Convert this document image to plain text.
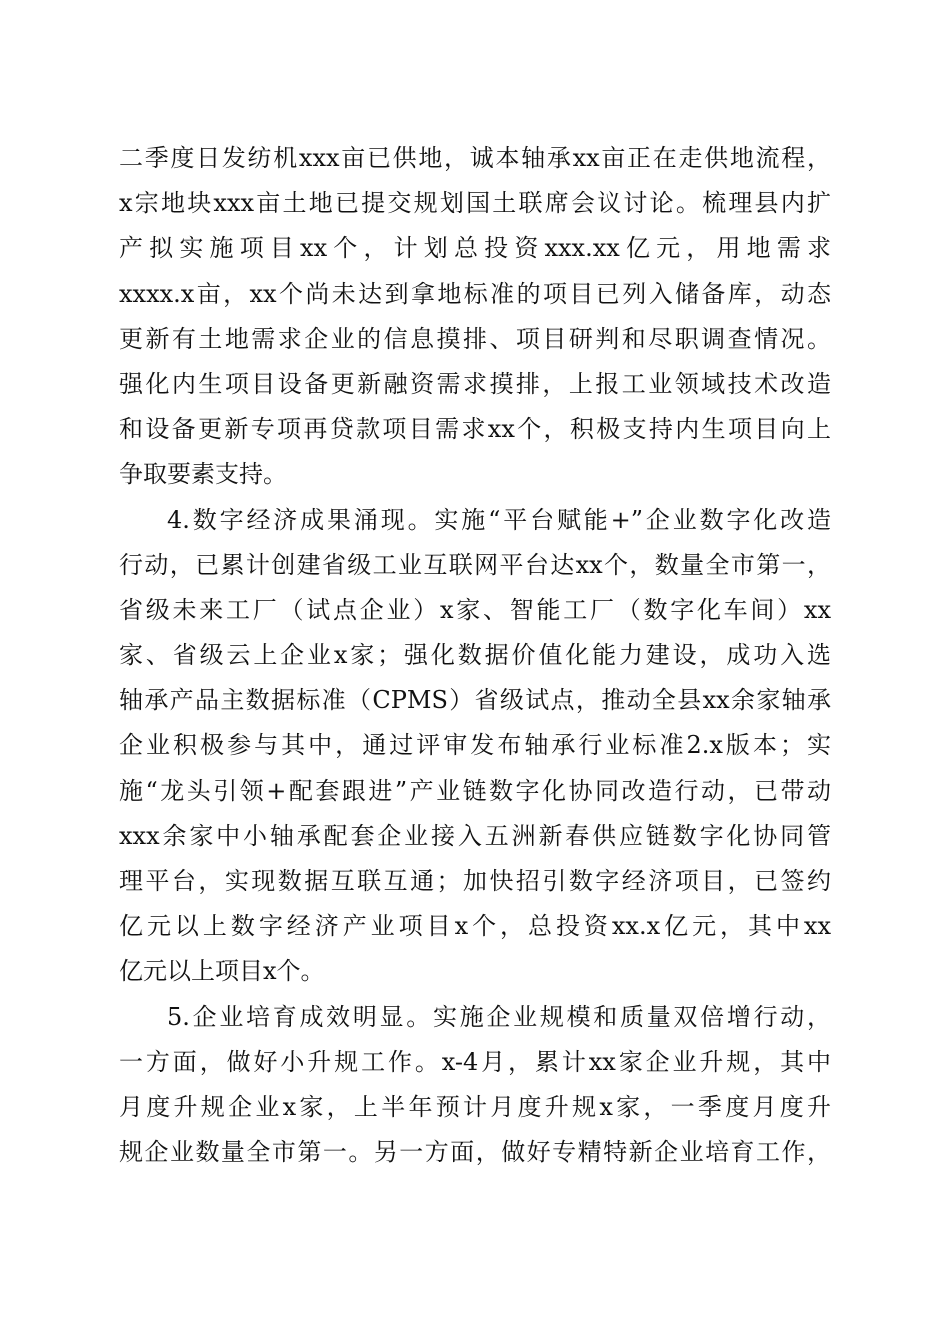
二季度日发纺机xxx亩已供地，诚本轴承xx亩正在走供地流程，
x宗地块xxx亩土地已提交规划国土联席会议讨论。梳理县内扩
产拟实施项目xx个，计划总投资xxx.xx亿元，用地需求
xxxx.x亩，xx个尚未达到拿地标准的项目已列入储备库，动态
更新有土地需求企业的信息摸排、项目研判和尽职调查情况。
强化内生项目设备更新融资需求摸排，上报工业领域技术改造
和设备更新专项再贷款项目需求xx个，积极支持内生项目向上
争取要素支持。
4.数字经济成果涌现。实施“平台赋能+”企业数字化改造
行动，已累计创建省级工业互联网平台达xx个，数量全市第一，
省级未来工厂（试点企业）x家、智能工厂（数字化车间）xx
家、省级云上企业x家；强化数据价值化能力建设，成功入选
轴承产品主数据标准（CPMS）省级试点，推动全县xx余家轴承
企业积极参与其中，通过评审发布轴承行业标准2.x版本；实
施“龙头引领+配套跟进”产业链数字化协同改造行动，已带动
xxx余家中小轴承配套企业接入五洲新春供应链数字化协同管
理平台，实现数据互联互通；加快招引数字经济项目，已签约
亿元以上数字经济产业项目x个，总投资xx.x亿元，其中xx
亿元以上项目x个。
5.企业培育成效明显。实施企业规模和质量双倍增行动，
一方面，做好小升规工作。x-4月，累计xx家企业升规，其中
月度升规企业x家，上半年预计月度升规x家，一季度月度升
规企业数量全市第一。另一方面，做好专精特新企业培育工作，
